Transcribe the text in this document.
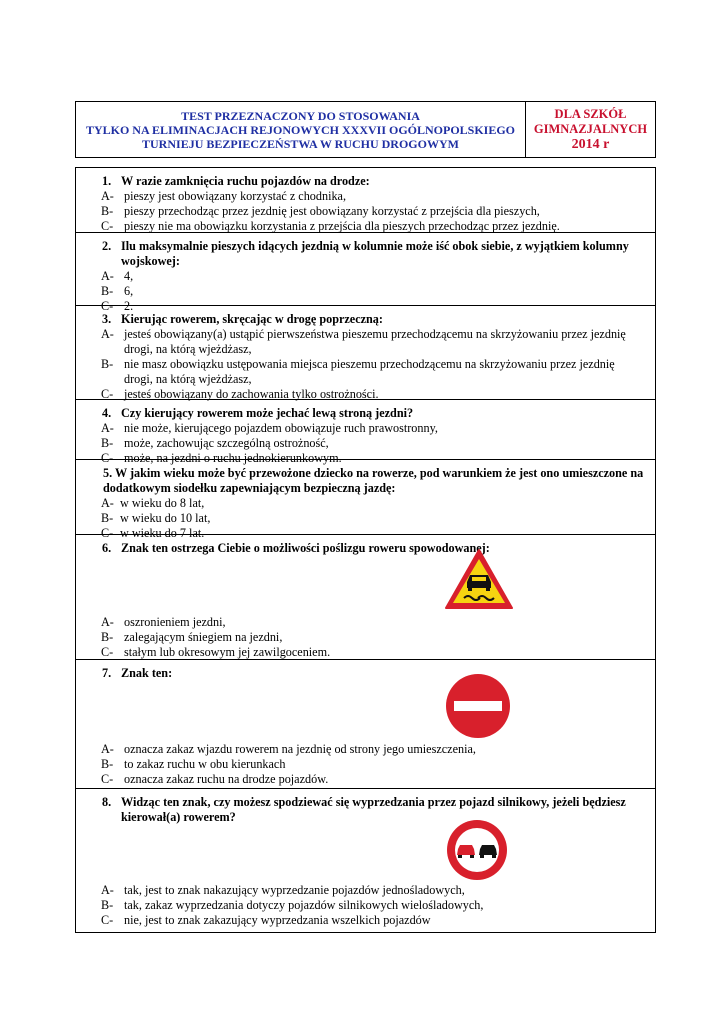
TEST PRZEZNACZONY DO STOSOWANIA
TYLKO NA ELIMINACJACH REJONOWYCH XXXVII OGÓLNOPOLSKIEGO
TURNIEJU BEZPIECZEŃSTWA W RUCHU DROGOWYM
DLA SZKÓŁ
GIMNAZJALNYCH
2014 r
1. W razie zamknięcia ruchu pojazdów na drodze:
A- pieszy jest obowiązany korzystać z chodnika,
B- pieszy przechodząc przez jezdnię jest obowiązany korzystać z przejścia dla pieszych,
C- pieszy nie ma obowiązku korzystania z przejścia dla pieszych przechodząc przez jezdnię.
2. Ilu maksymalnie pieszych idących jezdnią w kolumnie może iść obok siebie, z wyjątkiem kolumny wojskowej:
A- 4,
B- 6,
C- 2.
3. Kierując rowerem, skręcając w drogę poprzeczną:
A- jesteś obowiązany(a) ustąpić pierwszeństwa pieszemu przechodzącemu na skrzyżowaniu przez jezdnię drogi, na którą wjeżdżasz,
B- nie masz obowiązku ustępowania miejsca pieszemu przechodzącemu na skrzyżowaniu przez jezdnię drogi, na którą wjeżdżasz,
C- jesteś obowiązany do zachowania tylko ostrożności.
4. Czy kierujący rowerem może jechać lewą stroną jezdni?
A- nie może, kierującego pojazdem obowiązuje ruch prawostronny,
B- może, zachowując szczególną ostrożność,
C- może, na jezdni o ruchu jednokierunkowym.
5. W jakim wieku może być przewożone dziecko na rowerze, pod warunkiem że jest ono umieszczone na dodatkowym siodełku zapewniającym bezpieczną jazdę:
A- w wieku do 8 lat,
B- w wieku do 10 lat,
C- w wieku do 7 lat.
6. Znak ten ostrzega Ciebie o możliwości poślizgu roweru spowodowanej:
A- oszronieniem jezdni,
B- zalegającym śniegiem na jezdni,
C- stałym lub okresowym jej zawilgoceniem.
7. Znak ten:
A- oznacza zakaz wjazdu rowerem na jezdnię od strony jego umieszczenia,
B- to zakaz ruchu w obu kierunkach
C- oznacza zakaz ruchu na drodze pojazdów.
8. Widząc ten znak, czy możesz spodziewać się wyprzedzania przez pojazd silnikowy, jeżeli będziesz kierował(a) rowerem?
A- tak, jest to znak nakazujący wyprzedzanie pojazdów jednośladowych,
B- tak, zakaz wyprzedzania dotyczy pojazdów silnikowych wielośladowych,
C- nie, jest to znak zakazujący wyprzedzania wszelkich pojazdów
